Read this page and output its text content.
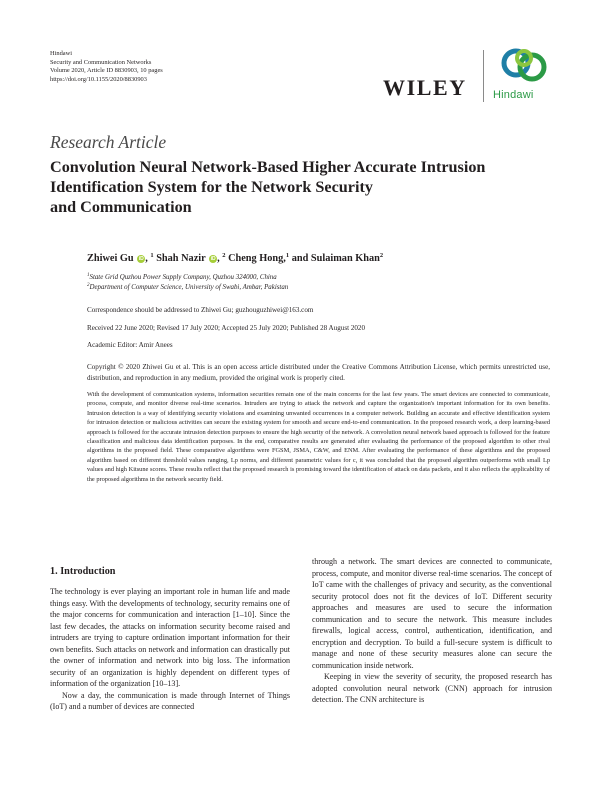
Hindawi
Security and Communication Networks
Volume 2020, Article ID 8830903, 10 pages
https://doi.org/10.1155/2020/8830903	WILEY Hindawi
Research Article
Convolution Neural Network-Based Higher Accurate Intrusion
Identification System for the Network Security
and Communication
Zhiwei Gu iD , $^1$ Shah Nazir iD , $^2$ Cheng Hong,$^1$ and Sulaiman Khan$^2$
$^1$State Grid Quzhou Power Supply Company, Quzhou 324000, China
$^2$Department of Computer Science, University of Swabi, Ambar, Pakistan
Correspondence should be addressed to Zhiwei Gu; guzhouguzhiwei@163.com
Received 22 June 2020; Revised 17 July 2020; Accepted 25 July 2020; Published 28 August 2020
Academic Editor: Amir Anees
Copyright © 2020 Zhiwei Gu et al. This is an open access article distributed under the Creative Commons Attribution License, which permits unrestricted use, distribution, and reproduction in any medium, provided the original work is properly cited.
With the development of communication systems, information securities remain one of the main concerns for the last few years. The smart devices are connected to communicate, process, compute, and monitor diverse real-time scenarios. Intruders are trying to attack the network and capture the organization's important information for its own benefits. Intrusion detection is a way of identifying security violations and examining unwanted occurrences in a computer network. Building an accurate and effective identification system for intrusion detection or malicious activities can secure the existing system for smooth and secure end-to-end communication. In the proposed research work, a deep learning-based approach is followed for the accurate intrusion detection purposes to ensure the high security of the network. A convolution neural network based approach is followed for the feature classification and malicious data identification purposes. In the end, comparative results are generated after evaluating the performance of the proposed algorithm to other rival algorithms in the proposed field. These comparative algorithms were FGSM, JSMA, C&W, and ENM. After evaluating the performance of these algorithms and the proposed algorithm based on different threshold values ranging, Lp norms, and different parametric values for c, it was concluded that the proposed algorithm outperforms with small Lp values and high Kitsune scores. These results reflect that the proposed research is promising toward the identification of attack on data packets, and it also reflects the applicability of the proposed algorithms in the network security field.
1. Introduction

The technology is ever playing an important role in human life and made things easy. With the developments of technology, security remains one of the major concerns for communication and interaction [1–10]. Since the last few decades, the attacks on information security become raised and intruders are trying to capture ordination important information for their own benefits. Such attacks on network and information can drastically put the owner of information and network into big loss. The information security of an organization is highly dependent on different types of information of the organization [10–13].

Now a day, the communication is made through Internet of Things (IoT) and a number of devices are connected

through a network. The smart devices are connected to communicate, process, compute, and monitor diverse real-time scenarios. The concept of IoT came with the challenges of privacy and security, as the conventional security protocol does not fit the devices of IoT. Different security approaches and measures are used to secure the information communication and to secure the network. This measure includes firewalls, logical access, control, authentication, identification, and encryption and decryption. To build a full-secure system is difficult to manage and none of these security measures alone can secure the communication inside network.

Keeping in view the severity of security, the proposed research has adopted convolution neural network (CNN) approach for intrusion detection. The CNN architecture is
